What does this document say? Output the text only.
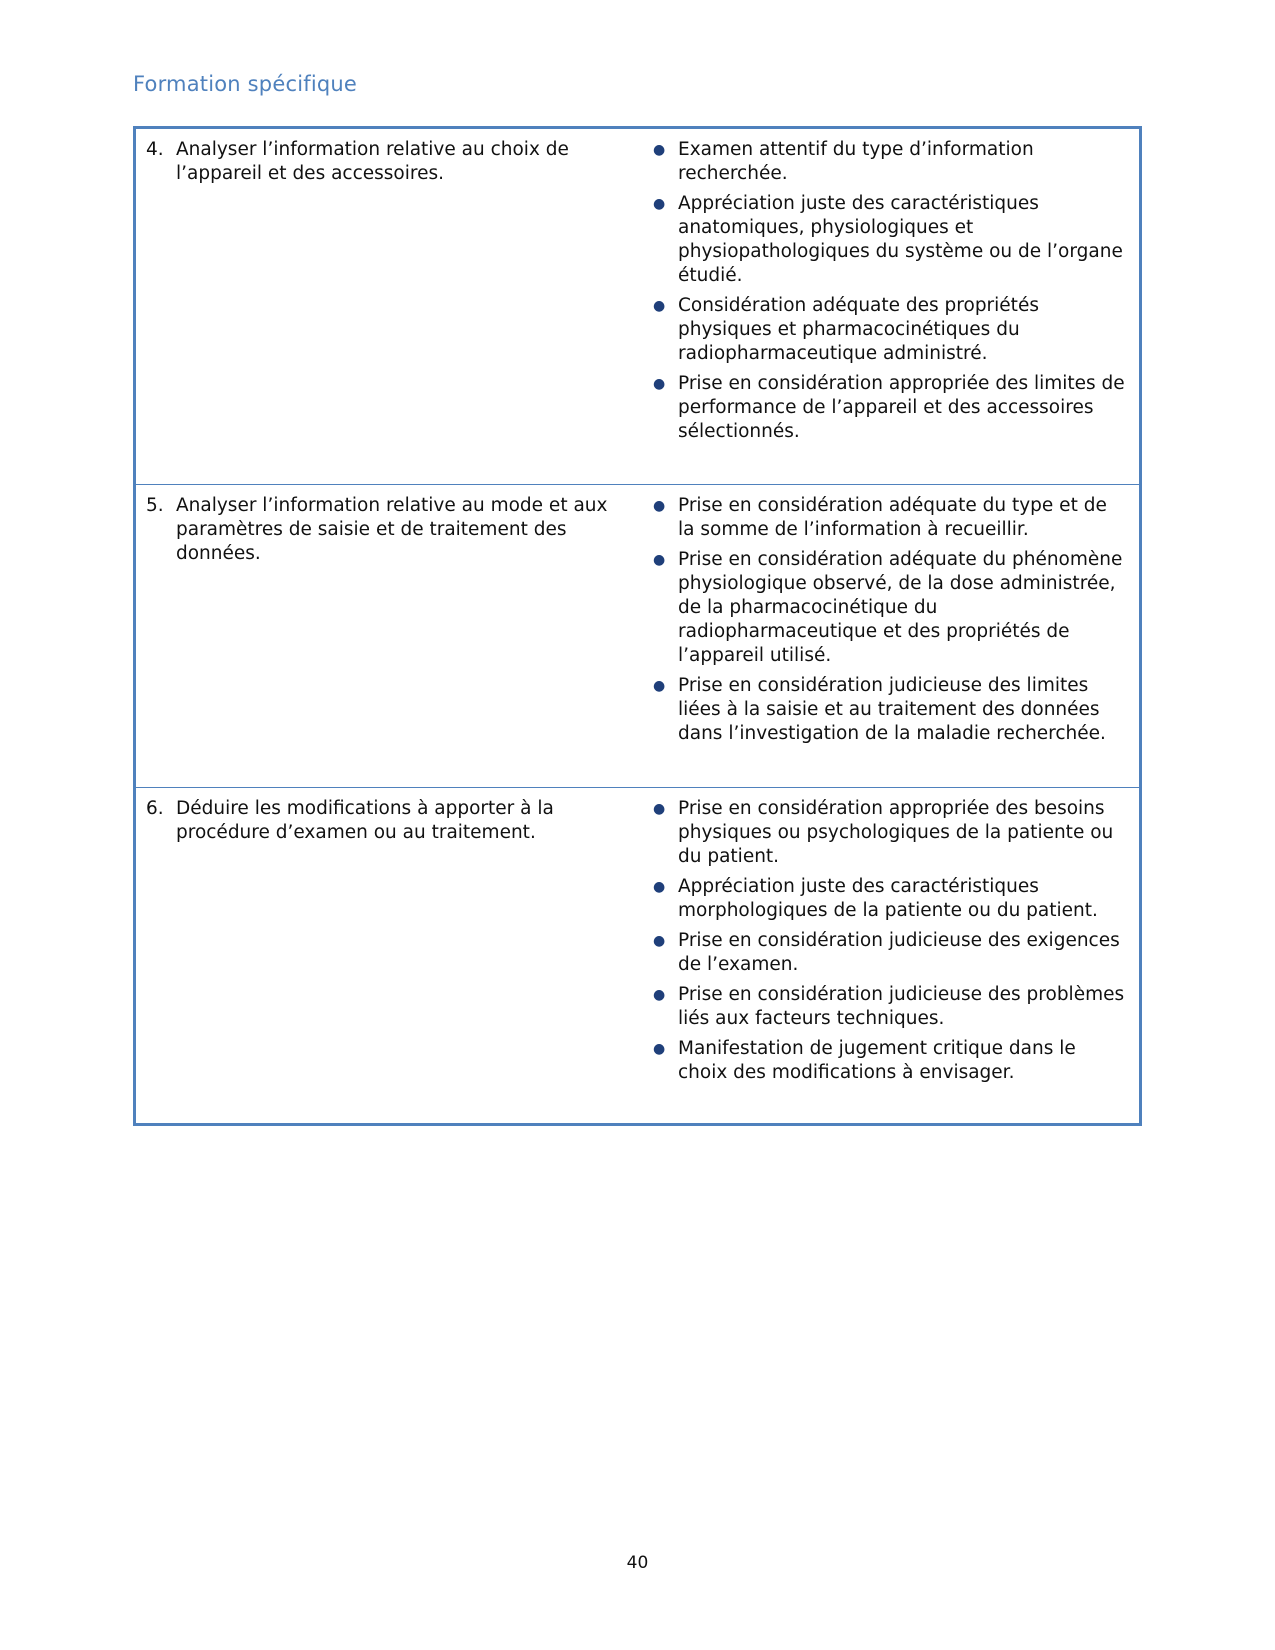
Formation spécifique
4. Analyser l’information relative au choix de l’appareil et des accessoires.
● Examen attentif du type d’information recherchée.
● Appréciation juste des caractéristiques anatomiques, physiologiques et physiopathologiques du système ou de l’organe étudié.
● Considération adéquate des propriétés physiques et pharmacocinétiques du radiopharmaceutique administré.
● Prise en considération appropriée des limites de performance de l’appareil et des accessoires sélectionnés.
5. Analyser l’information relative au mode et aux paramètres de saisie et de traitement des données.
● Prise en considération adéquate du type et de la somme de l’information à recueillir.
● Prise en considération adéquate du phénomène physiologique observé, de la dose administrée, de la pharmacocinétique du radiopharmaceutique et des propriétés de l’appareil utilisé.
● Prise en considération judicieuse des limites liées à la saisie et au traitement des données dans l’investigation de la maladie recherchée.
6. Déduire les modifications à apporter à la procédure d’examen ou au traitement.
● Prise en considération appropriée des besoins physiques ou psychologiques de la patiente ou du patient.
● Appréciation juste des caractéristiques morphologiques de la patiente ou du patient.
● Prise en considération judicieuse des exigences de l’examen.
● Prise en considération judicieuse des problèmes liés aux facteurs techniques.
● Manifestation de jugement critique dans le choix des modifications à envisager.
40
